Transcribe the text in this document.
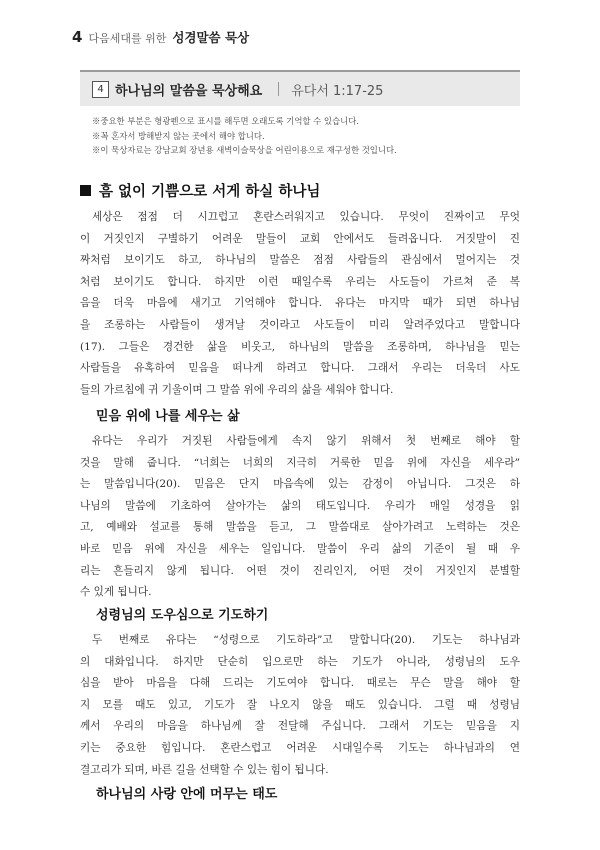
4 다음세대를 위한 성경말씀 묵상
4 하나님의 말씀을 묵상해요 유다서 1:17-25
※중요한 부분은 형광펜으로 표시를 해두면 오래도록 기억할 수 있습니다.
※꼭 혼자서 방해받지 않는 곳에서 해야 합니다.
※이 묵상자료는 강남교회 장년용 새벽이슬묵상을 어린이용으로 재구성한 것입니다.
흠 없이 기쁨으로 서게 하실 하나님
세상은 점점 더 시끄럽고 혼란스러워지고 있습니다. 무엇이 진짜이고 무엇
이 거짓인지 구별하기 어려운 말들이 교회 안에서도 들려옵니다. 거짓말이 진
짜처럼 보이기도 하고, 하나님의 말씀은 점점 사람들의 관심에서 멀어지는 것
처럼 보이기도 합니다. 하지만 이런 때일수록 우리는 사도들이 가르쳐 준 복
음을 더욱 마음에 새기고 기억해야 합니다. 유다는 마지막 때가 되면 하나님
을 조롱하는 사람들이 생겨날 것이라고 사도들이 미리 알려주었다고 말합니다
(17). 그들은 경건한 삶을 비웃고, 하나님의 말씀을 조롱하며, 하나님을 믿는
사람들을 유혹하여 믿음을 떠나게 하려고 합니다. 그래서 우리는 더욱더 사도
들의 가르침에 귀 기울이며 그 말씀 위에 우리의 삶을 세워야 합니다.
믿음 위에 나를 세우는 삶
유다는 우리가 거짓된 사람들에게 속지 않기 위해서 첫 번째로 해야 할
것을 말해 줍니다. “너희는 너희의 지극히 거룩한 믿음 위에 자신을 세우라”
는 말씀입니다(20). 믿음은 단지 마음속에 있는 감정이 아닙니다. 그것은 하
나님의 말씀에 기초하여 살아가는 삶의 태도입니다. 우리가 매일 성경을 읽
고, 예배와 설교를 통해 말씀을 듣고, 그 말씀대로 살아가려고 노력하는 것은
바로 믿음 위에 자신을 세우는 일입니다. 말씀이 우리 삶의 기준이 될 때 우
리는 흔들리지 않게 됩니다. 어떤 것이 진리인지, 어떤 것이 거짓인지 분별할
수 있게 됩니다.
성령님의 도우심으로 기도하기
두 번째로 유다는 “성령으로 기도하라”고 말합니다(20). 기도는 하나님과
의 대화입니다. 하지만 단순히 입으로만 하는 기도가 아니라, 성령님의 도우
심을 받아 마음을 다해 드리는 기도여야 합니다. 때로는 무슨 말을 해야 할
지 모를 때도 있고, 기도가 잘 나오지 않을 때도 있습니다. 그럴 때 성령님
께서 우리의 마음을 하나님께 잘 전달해 주십니다. 그래서 기도는 믿음을 지
키는 중요한 힘입니다. 혼란스럽고 어려운 시대일수록 기도는 하나님과의 연
결고리가 되며, 바른 길을 선택할 수 있는 힘이 됩니다.
하나님의 사랑 안에 머무는 태도
